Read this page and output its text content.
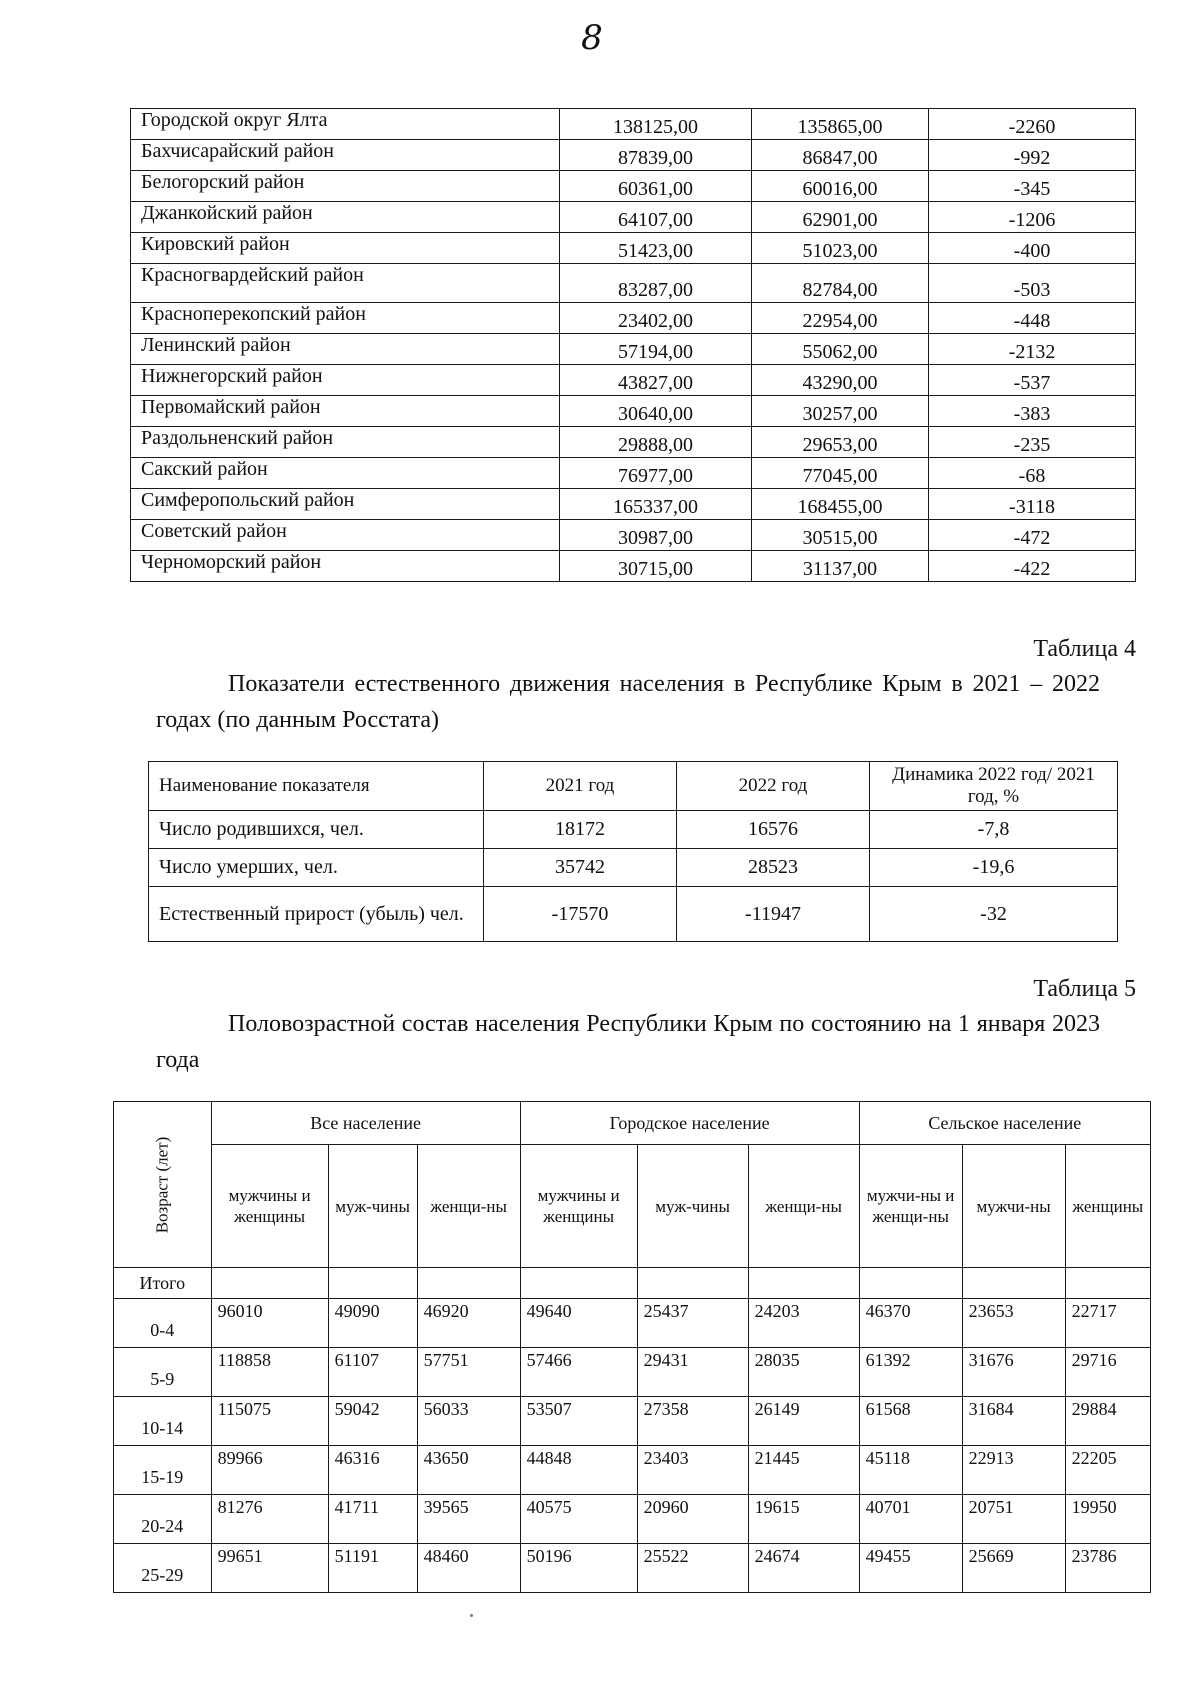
8
Городской округ Ялта	138125,00	135865,00	-2260
Бахчисарайский район	87839,00	86847,00	-992
Белогорский район	60361,00	60016,00	-345
Джанкойский район	64107,00	62901,00	-1206
Кировский район	51423,00	51023,00	-400
Красногвардейский район	83287,00	82784,00	-503
Красноперекопский район	23402,00	22954,00	-448
Ленинский район	57194,00	55062,00	-2132
Нижнегорский район	43827,00	43290,00	-537
Первомайский район	30640,00	30257,00	-383
Раздольненский район	29888,00	29653,00	-235
Сакский район	76977,00	77045,00	-68
Симферопольский район	165337,00	168455,00	-3118
Советский район	30987,00	30515,00	-472
Черноморский район	30715,00	31137,00	-422
Таблица 4
Показатели естественного движения населения в Республике Крым в 2021 – 2022 годах (по данным Росстата)
Наименование показателя	2021 год	2022 год	Динамика 2022 год/ 2021 год, %
Число родившихся, чел.	18172	16576	-7,8
Число умерших, чел.	35742	28523	-19,6
Естественный прирост (убыль) чел.	-17570	-11947	-32
Таблица 5
Половозрастной состав населения Республики Крым по состоянию на 1 января 2023 года
Возраст (лет)	Все население			Городское население			Сельское население		
	мужчины и женщины	муж-чины	женщи-ны	мужчины и женщины	муж-чины	женщи-ны	мужчи-ны и женщи-ны	мужчи-ны	женщины
Итого									
0-4	96010	49090	46920	49640	25437	24203	46370	23653	22717
5-9	118858	61107	57751	57466	29431	28035	61392	31676	29716
10-14	115075	59042	56033	53507	27358	26149	61568	31684	29884
15-19	89966	46316	43650	44848	23403	21445	45118	22913	22205
20-24	81276	41711	39565	40575	20960	19615	40701	20751	19950
25-29	99651	51191	48460	50196	25522	24674	49455	25669	23786
